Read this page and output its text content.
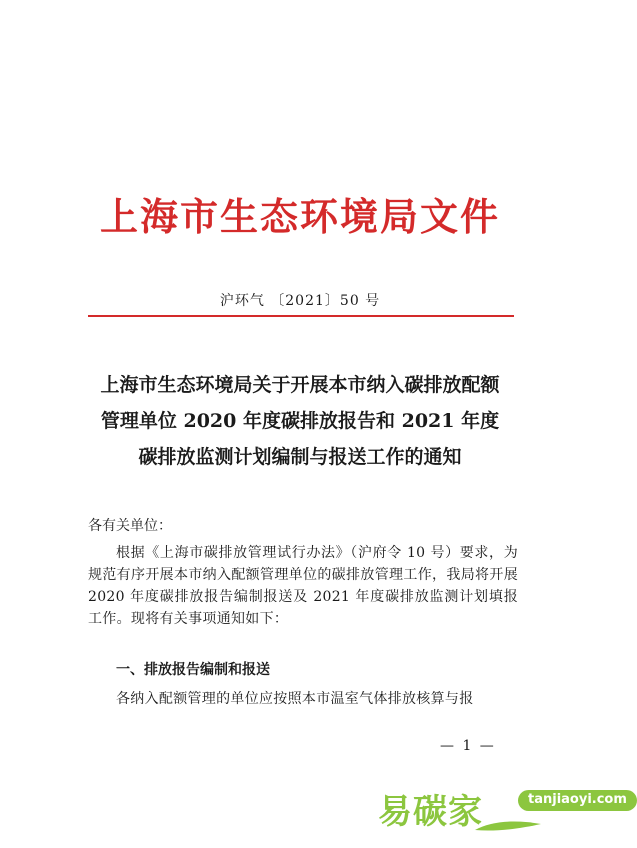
上海市生态环境局文件
沪环气 〔2021〕50 号
上海市生态环境局关于开展本市纳入碳排放配额
管理单位 2020 年度碳排放报告和 2021 年度
碳排放监测计划编制与报送工作的通知
各有关单位：
根据《上海市碳排放管理试行办法》（沪府令 10 号）要求，为规范有序开展本市纳入配额管理单位的碳排放管理工作，我局将开展 2020 年度碳排放报告编制报送及 2021 年度碳排放监测计划填报工作。现将有关事项通知如下：
一、排放报告编制和报送
各纳入配额管理的单位应按照本市温室气体排放核算与报
— 1 —
易碳家	tanjiaoyi.com
